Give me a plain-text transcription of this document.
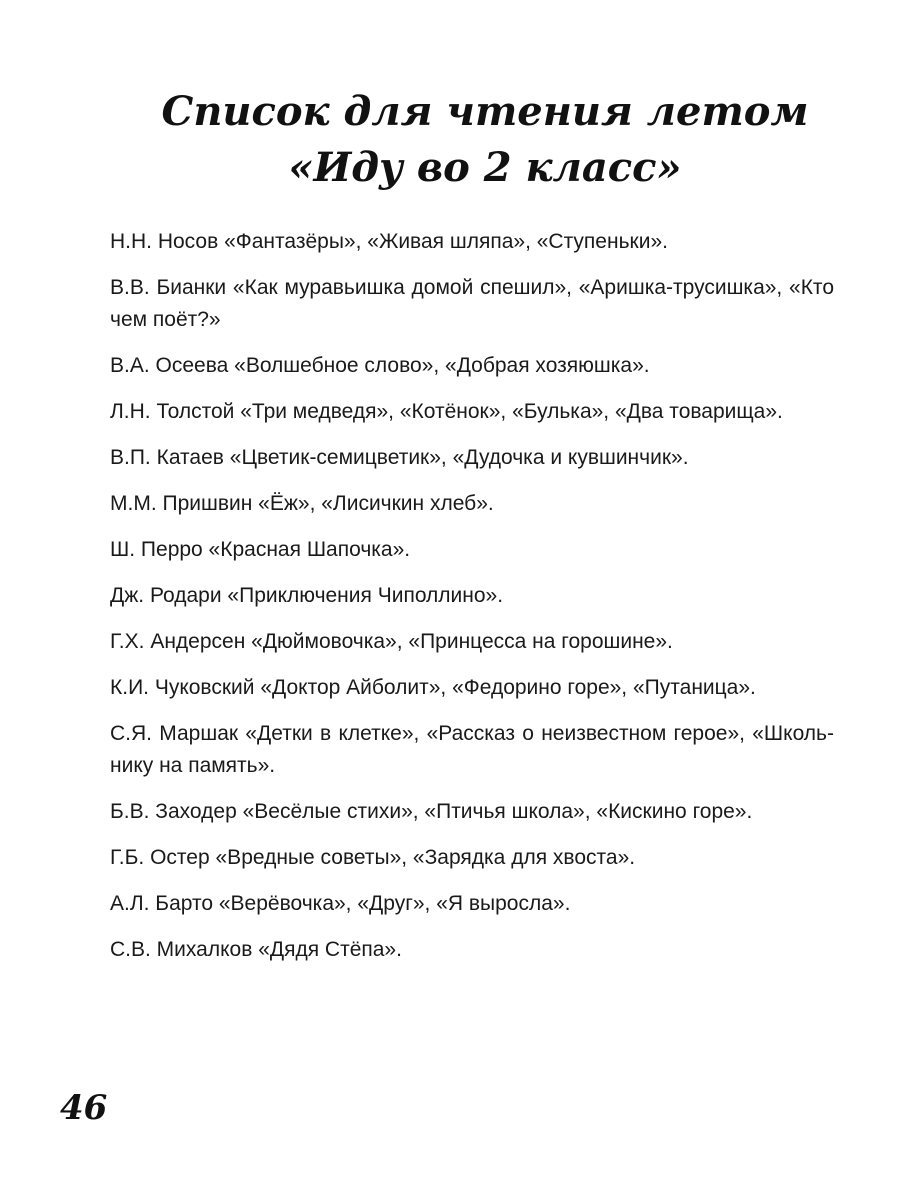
Список для чтения летом
«Иду во 2 класс»
Н.Н. Носов «Фантазёры», «Живая шляпа», «Ступеньки».
В.В. Бианки «Как муравьишка домой спешил», «Аришка-трусишка», «Кто чем поёт?»
В.А. Осеева «Волшебное слово», «Добрая хозяюшка».
Л.Н. Толстой «Три медведя», «Котёнок», «Булька», «Два товарища».
В.П. Катаев «Цветик-семицветик», «Дудочка и кувшинчик».
М.М. Пришвин «Ёж», «Лисичкин хлеб».
Ш. Перро «Красная Шапочка».
Дж. Родари «Приключения Чиполлино».
Г.Х. Андерсен «Дюймовочка», «Принцесса на горошине».
К.И. Чуковский «Доктор Айболит», «Федорино горе», «Путаница».
С.Я. Маршак «Детки в клетке», «Рассказ о неизвестном герое», «Школьнику на память».
Б.В. Заходер «Весёлые стихи», «Птичья школа», «Кискино горе».
Г.Б. Остер «Вредные советы», «Зарядка для хвоста».
А.Л. Барто «Верёвочка», «Друг», «Я выросла».
С.В. Михалков «Дядя Стёпа».
46
